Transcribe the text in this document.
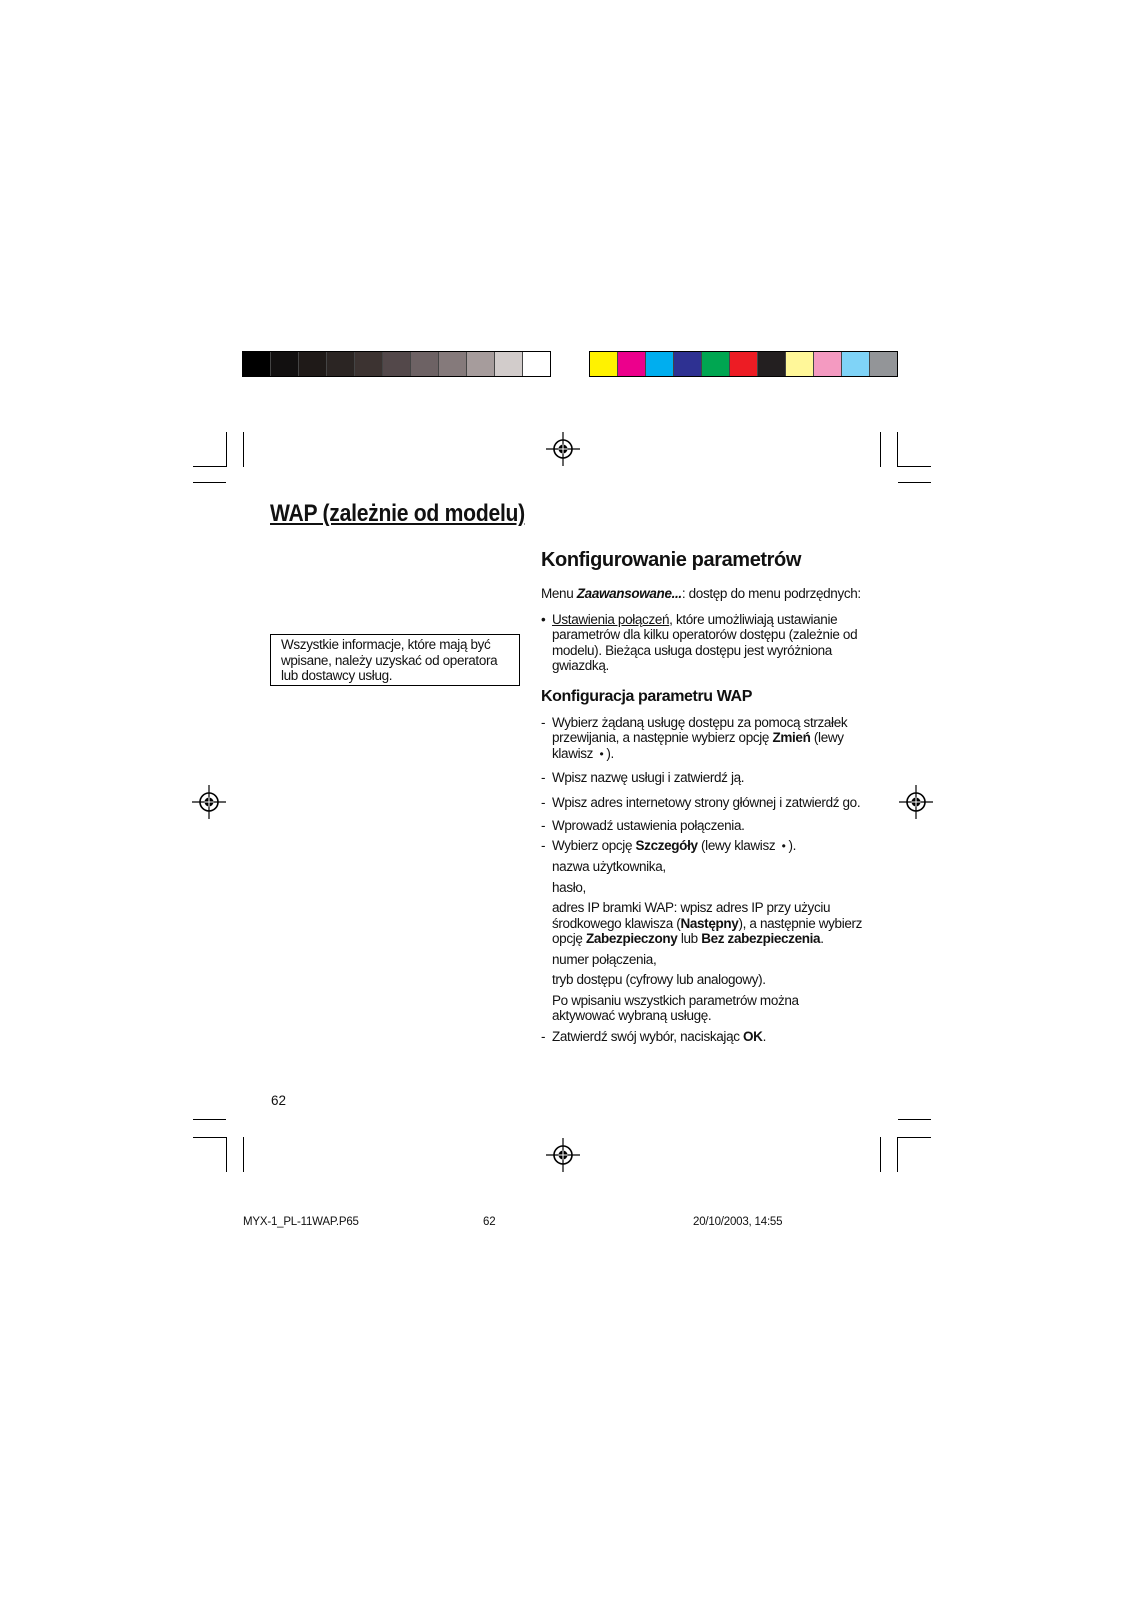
WAP (zależnie od modelu)

Wszystkie informacje, które mają być wpisane, należy uzyskać od operatora lub dostawcy usług.

Konfigurowanie parametrów

Menu Zaawansowane...: dostęp do menu podrzędnych:

• Ustawienia połączeń, które umożliwiają ustawianie parametrów dla kilku operatorów dostępu (zależnie od modelu). Bieżąca usługa dostępu jest wyróżniona gwiazdką.

Konfiguracja parametru WAP

- Wybierz żądaną usługę dostępu za pomocą strzałek przewijania, a następnie wybierz opcję Zmień (lewy klawisz • ).

- Wpisz nazwę usługi i zatwierdź ją.

- Wpisz adres internetowy strony głównej i zatwierdź go.

- Wprowadź ustawienia połączenia.

- Wybierz opcję Szczegóły (lewy klawisz • ).

nazwa użytkownika,

hasło,

adres IP bramki WAP: wpisz adres IP przy użyciu środkowego klawisza (Następny), a następnie wybierz opcję Zabezpieczony lub Bez zabezpieczenia.

numer połączenia,

tryb dostępu (cyfrowy lub analogowy).

Po wpisaniu wszystkich parametrów można aktywować wybraną usługę.

- Zatwierdź swój wybór, naciskając OK.

62
MYX-1_PL-11WAP.P65	62	20/10/2003, 14:55
